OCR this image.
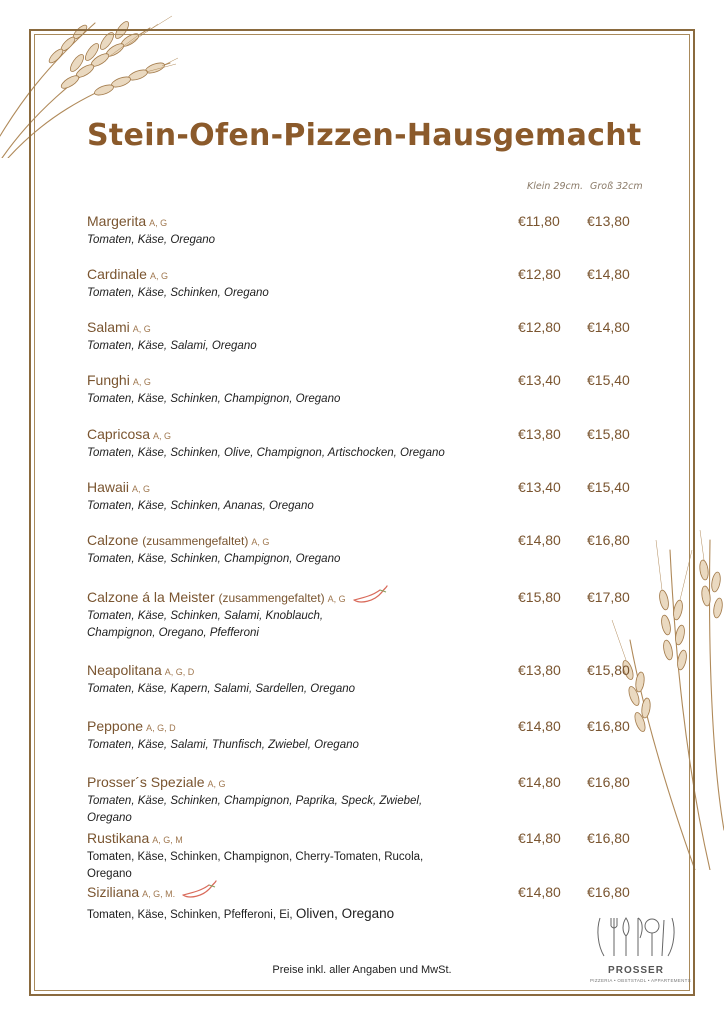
Stein-Ofen-Pizzen-Hausgemacht
Klein 29cm. Groß 32cm
Margerita A, G
Tomaten, Käse, Oregano
€11,80 €13,80
Cardinale A, G
Tomaten, Käse, Schinken, Oregano
€12,80 €14,80
Salami A, G
Tomaten, Käse, Salami, Oregano
€12,80 €14,80
Funghi A, G
Tomaten, Käse, Schinken, Champignon, Oregano
€13,40 €15,40
Capricosa A, G
Tomaten, Käse, Schinken, Olive, Champignon, Artischocken, Oregano
€13,80 €15,80
Hawaii A, G
Tomaten, Käse, Schinken, Ananas, Oregano
€13,40 €15,40
Calzone (zusammengefaltet) A, G
Tomaten, Käse, Schinken, Champignon, Oregano
€14,80 €16,80
Calzone á la Meister (zusammengefaltet) A, G
Tomaten, Käse, Schinken, Salami, Knoblauch, Champignon, Oregano, Pfefferoni
€15,80 €17,80
Neapolitana A, G, D
Tomaten, Käse, Kapern, Salami, Sardellen, Oregano
€13,80 €15,80
Peppone A, G, D
Tomaten, Käse, Salami, Thunfisch, Zwiebel, Oregano
€14,80 €16,80
Prosser´s Speziale A, G
Tomaten, Käse, Schinken, Champignon, Paprika, Speck, Zwiebel, Oregano
€14,80 €16,80
Rustikana A, G, M
Tomaten, Käse, Schinken, Champignon, Cherry-Tomaten, Rucola, Oregano
€14,80 €16,80
Siziliana A, G, M.
Tomaten, Käse, Schinken, Pfefferoni, Ei, Oliven, Oregano
€14,80 €16,80
Preise inkl. aller Angaben und MwSt.	PROSSER
PIZZERIA • OBSTSTADL • APPARTEMENTS
